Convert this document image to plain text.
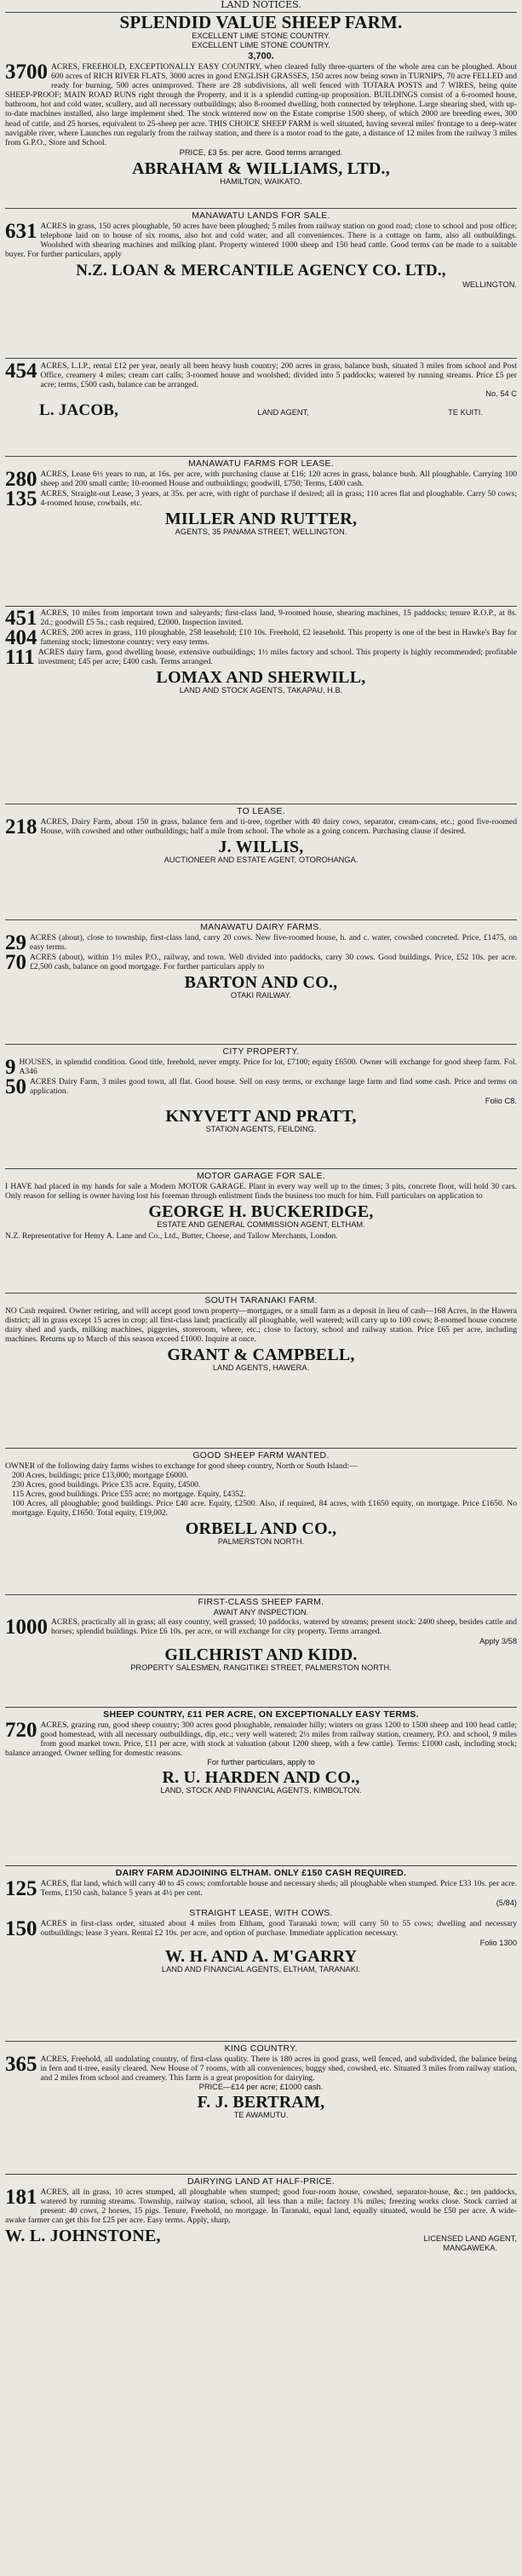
LAND NOTICES.

SPLENDID VALUE SHEEP FARM.

EXCELLENT LIME STONE COUNTRY.

EXCELLENT LIME STONE COUNTRY.

3,700.

3700 ACRES, FREEHOLD, EXCEPTIONALLY EASY COUNTRY, when cleared fully three-quarters of the whole area can be ploughed. About 600 acres of RICH RIVER FLATS, 3000 acres in good ENGLISH GRASSES, 150 acres now being sown in TURNIPS, 70 acre FELLED and ready for burning, 500 acres unimproved. There are 28 subdivisions, all well fenced with TOTARA POSTS and 7 WIRES, being quite SHEEP-PROOF; MAIN ROAD RUNS right through the Property, and it is a splendid cutting-up proposition. BUILDINGS consist of a 6-roomed house, bathroom, hot and cold water, scullery, and all necessary outbuildings; also 8-roomed dwelling, both connected by telephone. Large shearing shed, with up-to-date machines installed, also large implement shed. The stock wintered now on the Estate comprise 1500 sheep, of which 2000 are breeding ewes, 300 head of cattle, and 25 horses, equivalent to 25-sheep per acre. THIS CHOICE SHEEP FARM is well situated, having several miles' frontage to a deep-water navigable river, where Launches run regularly from the railway station, and there is a motor road to the gate, a distance of 12 miles from the railway 3 miles from G.P.O., Store and School.

PRICE, £3 5s. per acre. Good terms arranged.

ABRAHAM & WILLIAMS, LTD.,

HAMILTON, WAIKATO.

MANAWATU LANDS FOR SALE.

631 ACRES in grass, 150 acres ploughable, 50 acres have been ploughed; 5 miles from railway station on good road; close to school and post office; telephone laid on to house of six rooms, also hot and cold water, and all conveniences. There is a cottage on farm, also all outbuildings. Woolshed with shearing machines and milking plant. Property wintered 1000 sheep and 150 head cattle. Good terms can be made to a suitable buyer. For further particulars, apply

N.Z. LOAN & MERCANTILE AGENCY CO. LTD.,

WELLINGTON.

454 ACRES, L.I.P., rental £12 per year, nearly all been heavy bush country; 200 acres in grass, balance bush, situated 3 miles from school and Post Office, creamery 4 miles; cream cart calls; 3-roomed house and woolshed; divided into 5 paddocks; watered by running streams. Price £5 per acre; terms, £500 cash, balance can be arranged.

No. 54 C

L. JACOB,	LAND AGENT,	TE KUITI.

MANAWATU FARMS FOR LEASE.

280 ACRES, Lease 6½ years to run, at 16s. per acre, with purchasing clause at £16; 120 acres in grass, balance bush. All ploughable. Carrying 100 sheep and 200 small cattle; 10-roomed House and outbuildings; goodwill, £750; Terms, £400 cash.

135 ACRES, Straight-out Lease, 3 years, at 35s. per acre, with right of purchase if desired; all in grass; 110 acres flat and ploughable. Carry 50 cows; 4-roomed house, cowbails, etc.

MILLER AND RUTTER,

AGENTS, 35 PANAMA STREET, WELLINGTON.

451 ACRES, 10 miles from important town and saleyards; first-class land, 9-roomed house, shearing machines, 15 paddocks; tenure R.O.P., at 8s. 2d.; goodwill £5 5s.; cash required, £2000. Inspection invited.

404 ACRES, 200 acres in grass, 110 ploughable, 258 leasehold; £10 10s. Freehold, £2 leasehold. This property is one of the best in Hawke's Bay for fattening stock; limestone country; very easy terms.

111 ACRES dairy farm, good dwelling house, extensive outbuildings; 1½ miles factory and school. This property is highly recommended; profitable investment; £45 per acre; £400 cash. Terms arranged.

LOMAX AND SHERWILL,

LAND AND STOCK AGENTS, TAKAPAU, H.B.

TO LEASE.

218 ACRES, Dairy Farm, about 150 in grass, balance fern and ti-tree, together with 40 dairy cows, separator, cream-cans, etc.; good five-roomed House, with cowshed and other outbuildings; half a mile from school. The whole as a going concern. Purchasing clause if desired.

J. WILLIS,

AUCTIONEER AND ESTATE AGENT, OTOROHANGA.

MANAWATU DAIRY FARMS.

29 ACRES (about), close to township, first-class land, carry 20 cows. New five-roomed house, h. and c. water, cowshed concreted. Price, £1475, on easy terms.

70 ACRES (about), within 1½ miles P.O., railway, and town. Well divided into paddocks, carry 30 cows. Good buildings. Price, £52 10s. per acre. £2,500 cash, balance on good mortgage. For further particulars apply to

BARTON AND CO.,

OTAKI RAILWAY.

CITY PROPERTY.

9 HOUSES, in splendid condition. Good title, freehold, never empty. Price for lot, £7100; equity £6500. Owner will exchange for good sheep farm. Fol. A346

50 ACRES Dairy Farm, 3 miles good town, all flat. Good house. Sell on easy terms, or exchange large farm and find some cash. Price and terms on application.

Folio C8.

KNYVETT AND PRATT,

STATION AGENTS, FEILDING.

MOTOR GARAGE FOR SALE.

I HAVE had placed in my hands for sale a Modern MOTOR GARAGE. Plant in every way well up to the times; 3 pits, concrete floor, will hold 30 cars. Only reason for selling is owner having lost his foreman through enlistment finds the business too much for him. Full particulars on application to

GEORGE H. BUCKERIDGE,

ESTATE AND GENERAL COMMISSION AGENT, ELTHAM.

N.Z. Representative for Henry A. Lane and Co., Ltd., Butter, Cheese, and Tallow Merchants, London.

SOUTH TARANAKI FARM.

NO Cash required. Owner retiring, and will accept good town property—mortgages, or a small farm as a deposit in lieu of cash—168 Acres, in the Hawera district; all in grass except 15 acres in crop; all first-class land; practically all ploughable, well watered; will carry up to 100 cows; 8-roomed house concrete dairy shed and yards, milking machines, piggeries, storeroom, where, etc.; close to factory, school and railway station. Price £65 per acre, including machines. Returns up to March of this season exceed £1000. Inquire at once.

GRANT & CAMPBELL,

LAND AGENTS, HAWERA.

GOOD SHEEP FARM WANTED.

OWNER of the following dairy farms wishes to exchange for good sheep country, North or South Island:—

200 Acres, buildings; price £13,000; mortgage £6000.

230 Acres, good buildings. Price £35 acre. Equity, £4500.

115 Acres, good buildings. Price £55 acre; no mortgage. Equity, £4352.

100 Acres, all ploughable; good buildings. Price £40 acre. Equity, £2500. Also, if required, 84 acres, with £1650 equity, on mortgage. Price £1650. No mortgage. Equity, £1650. Total equity, £19,002.

ORBELL AND CO.,

PALMERSTON NORTH.

FIRST-CLASS SHEEP FARM.

AWAIT ANY INSPECTION.

1000 ACRES, practically all in grass; all easy country, well grassed; 10 paddocks, watered by streams; present stock: 2400 sheep, besides cattle and horses; splendid buildings. Price £6 10s. per acre, or will exchange for city property. Terms arranged.

Apply 3/58

GILCHRIST AND KIDD.

PROPERTY SALESMEN, RANGITIKEI STREET, PALMERSTON NORTH.

SHEEP COUNTRY, £11 PER ACRE, ON EXCEPTIONALLY EASY TERMS.

720 ACRES, grazing run, good sheep country; 300 acres good ploughable, remainder hilly; winters on grass 1200 to 1500 sheep and 100 head cattle; good homestead, with all necessary outbuildings, dip, etc.; very well watered; 2½ miles from railway station, creamery, P.O. and school, 9 miles from good market town. Price, £11 per acre, with stock at valuation (about 1200 sheep, with a few cattle). Terms: £1000 cash, including stock; balance arranged. Owner selling for domestic reasons.

For further particulars, apply to

R. U. HARDEN AND CO.,

LAND, STOCK AND FINANCIAL AGENTS, KIMBOLTON.

DAIRY FARM ADJOINING ELTHAM. ONLY £150 CASH REQUIRED.

125 ACRES, flat land, which will carry 40 to 45 cows; comfortable house and necessary sheds; all ploughable when stumped. Price £33 10s. per acre. Terms, £150 cash, balance 5 years at 4½ per cent.

(5/84)

STRAIGHT LEASE, WITH COWS.

150 ACRES in first-class order, situated about 4 miles from Eltham, good Taranaki town; will carry 50 to 55 cows; dwelling and necessary outbuildings; lease 3 years. Rental £2 10s. per acre, and option of purchase. Immediate application necessary.

Folio 1300

W. H. AND A. M'GARRY

LAND AND FINANCIAL AGENTS, ELTHAM, TARANAKI.

KING COUNTRY.

365 ACRES, Freehold, all undulating country, of first-class quality. There is 180 acres in good grass, well fenced, and subdivided, the balance being in fern and ti-tree, easily cleared. New House of 7 rooms, with all conveniences, buggy shed, cowshed, etc. Situated 3 miles from railway station, and 2 miles from school and creamery. This farm is a great proposition for dairying.

PRICE—£14 per acre; £1000 cash.

F. J. BERTRAM,

TE AWAMUTU.

DAIRYING LAND AT HALF-PRICE.

181 ACRES, all in grass, 10 acres stumped, all ploughable when stumped; good four-room house, cowshed, separator-house, &c.; ten paddocks, watered by running streams. Township, railway station, school, all less than a mile; factory 1¾ miles; freezing works close. Stock carried at present: 40 cows, 2 horses, 15 pigs. Tenure, Freehold, no mortgage. In Taranaki, equal land, equally situated, would be £50 per acre. A wide-awake farmer can get this for £25 per acre. Easy terms. Apply, sharp,

W. L. JOHNSTONE,	LICENSED LAND AGENT,
MANGAWEKA.
